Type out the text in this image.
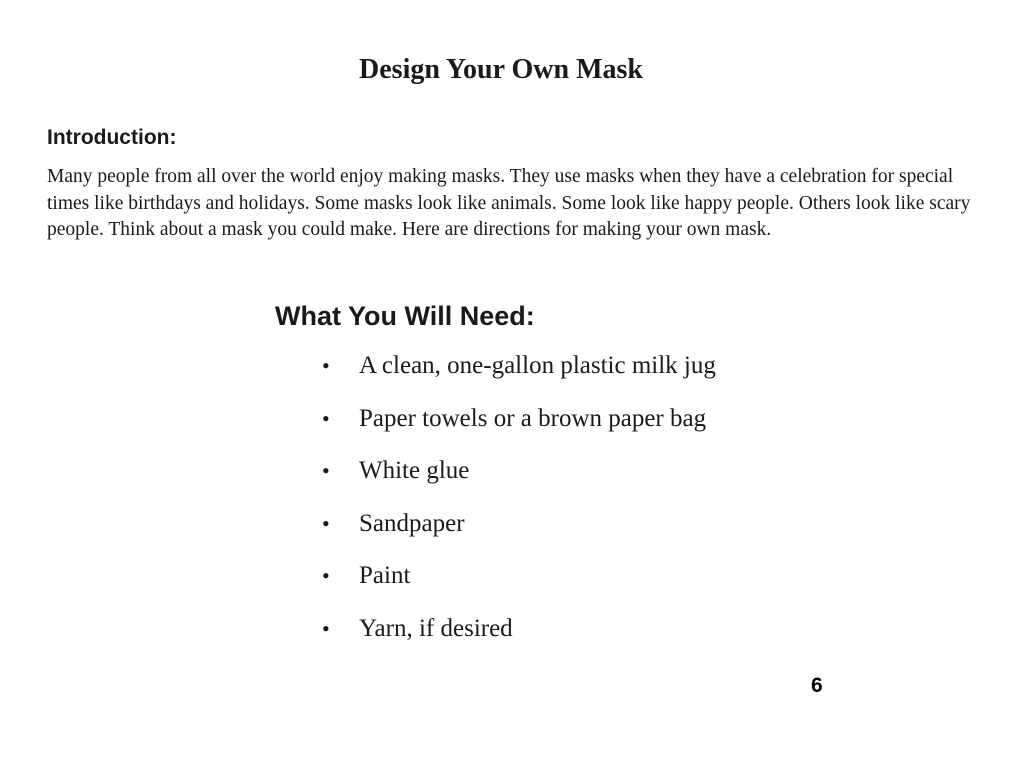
Design Your Own Mask
Introduction:

Many people from all over the world enjoy making masks. They use masks when they have a celebration for special times like birthdays and holidays. Some masks look like animals. Some look like happy people. Others look like scary people. Think about a mask you could make. Here are directions for making your own mask.

What You Will Need:
•	A clean, one-gallon plastic milk jug
•	Paper towels or a brown paper bag
•	White glue
•	Sandpaper
•	Paint
•	Yarn, if desired
6
